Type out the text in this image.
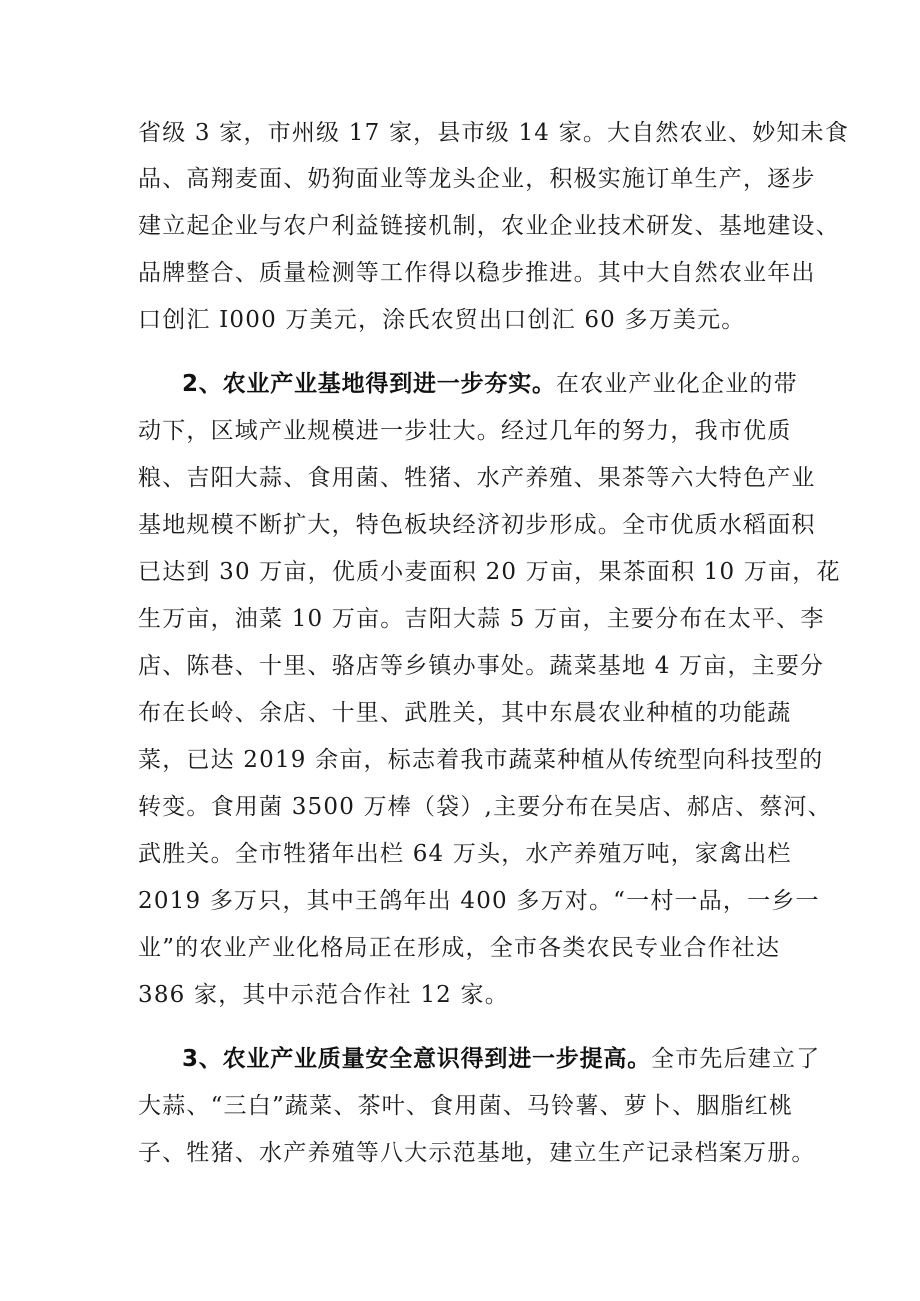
省级 3 家，市州级 17 家，县市级 14 家。大自然农业、妙知未食
品、高翔麦面、奶狗面业等龙头企业，积极实施订单生产，逐步
建立起企业与农户利益链接机制，农业企业技术研发、基地建设、
品牌整合、质量检测等工作得以稳步推进。其中大自然农业年出
口创汇 I000 万美元，涂氏农贸出口创汇 60 多万美元。
2、农业产业基地得到进一步夯实。在农业产业化企业的带
动下，区域产业规模进一步壮大。经过几年的努力，我市优质
粮、吉阳大蒜、食用菌、牲猪、水产养殖、果茶等六大特色产业
基地规模不断扩大，特色板块经济初步形成。全市优质水稻面积
已达到 30 万亩，优质小麦面积 20 万亩，果茶面积 10 万亩，花
生万亩，油菜 10 万亩。吉阳大蒜 5 万亩，主要分布在太平、李
店、陈巷、十里、骆店等乡镇办事处。蔬菜基地 4 万亩，主要分
布在长岭、余店、十里、武胜关，其中东晨农业种植的功能蔬
菜，已达 2019 余亩，标志着我市蔬菜种植从传统型向科技型的
转变。食用菌 3500 万棒（袋）,主要分布在吴店、郝店、蔡河、
武胜关。全市牲猪年出栏 64 万头，水产养殖万吨，家禽出栏
2019 多万只，其中王鸽年出 400 多万对。“一村一品，一乡一
业”的农业产业化格局正在形成，全市各类农民专业合作社达
386 家，其中示范合作社 12 家。
3、农业产业质量安全意识得到进一步提高。全市先后建立了
大蒜、“三白”蔬菜、茶叶、食用菌、马铃薯、萝卜、胭脂红桃
子、牲猪、水产养殖等八大示范基地，建立生产记录档案万册。
